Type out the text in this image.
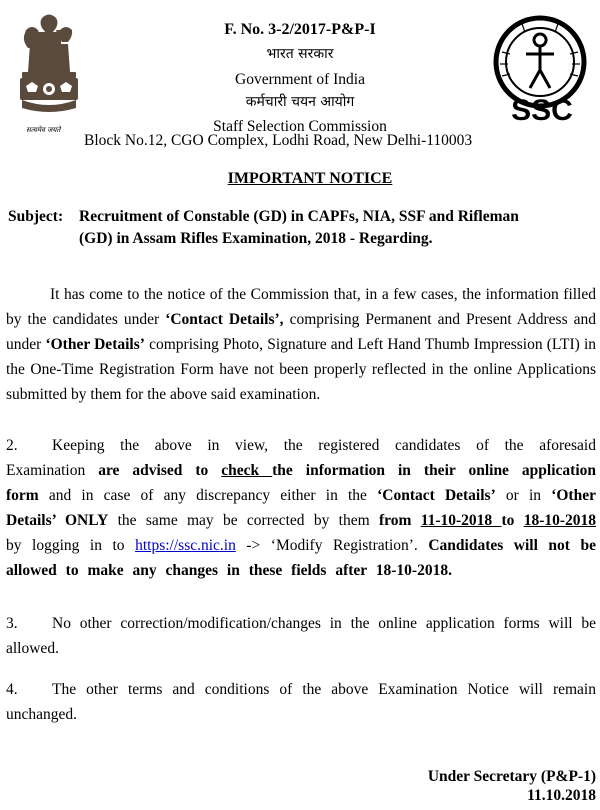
सत्यमेव जयते
SSC
F. No. 3-2/2017-P&P-I
भारत सरकार
Government of India
कर्मचारी चयन आयोग
Staff Selection Commission
Block No.12, CGO Complex, Lodhi Road, New Delhi-110003
IMPORTANT NOTICE
Subject: Recruitment of Constable (GD) in CAPFs, NIA, SSF and Rifleman
(GD) in Assam Rifles Examination, 2018 - Regarding.
It has come to the notice of the Commission that, in a few cases, the information filled by the candidates under ‘Contact Details’, comprising Permanent and Present Address and under ‘Other Details’ comprising Photo, Signature and Left Hand Thumb Impression (LTI) in the One-Time Registration Form have not been properly reflected in the online Applications submitted by them for the above said examination.
2. Keeping the above in view, the registered candidates of the aforesaid Examination are advised to check the information in their online application form and in case of any discrepancy either in the ‘Contact Details’ or in ‘Other Details’ ONLY the same may be corrected by them from 11-10-2018 to 18-10-2018 by logging in to https://ssc.nic.in -> ‘Modify Registration’. Candidates will not be allowed to make any changes in these fields after 18-10-2018.
3. No other correction/modification/changes in the online application forms will be allowed.
4. The other terms and conditions of the above Examination Notice will remain unchanged.
Under Secretary (P&P-1)
11.10.2018
